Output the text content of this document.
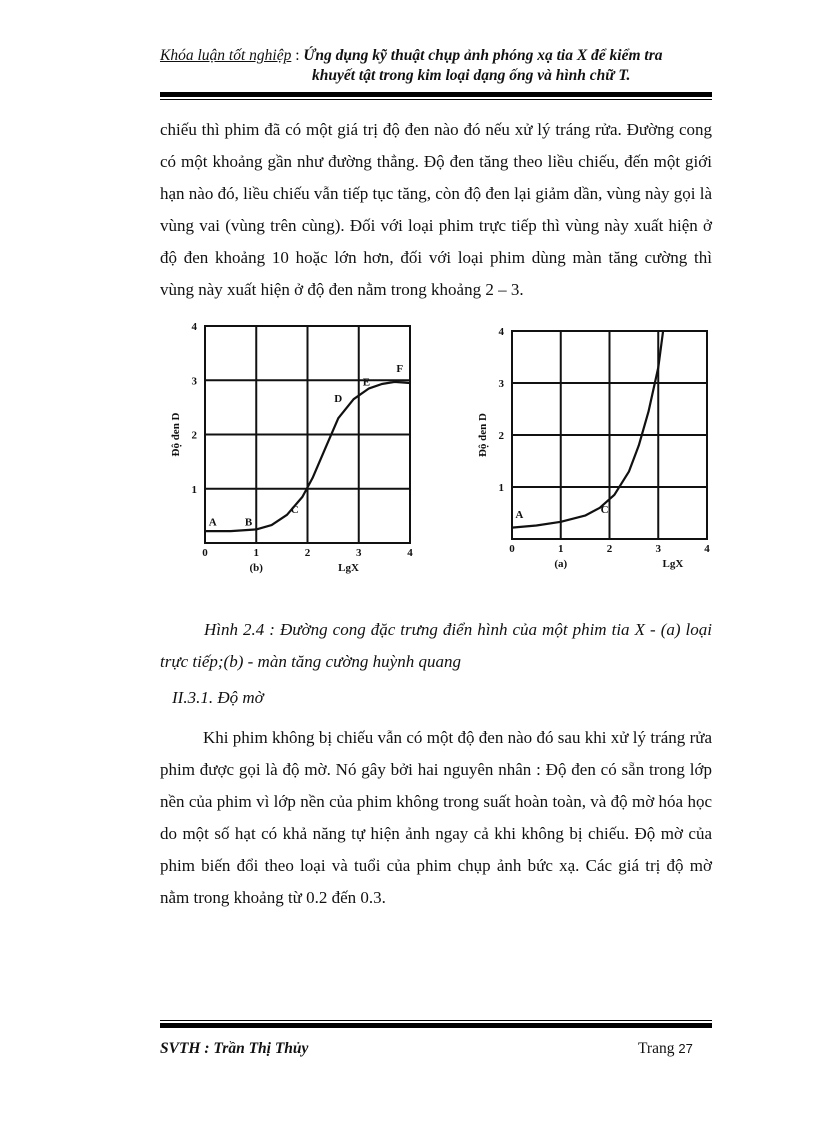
Khóa luận tốt nghiệp : Ứng dụng kỹ thuật chụp ảnh phóng xạ tia X để kiểm tra
khuyết tật trong kim loại dạng ống và hình chữ T.

chiếu thì phim đã có một giá trị độ đen nào đó nếu xử lý tráng rửa. Đường cong có một khoảng gần như đường thẳng. Độ đen tăng theo liều chiếu, đến một giới hạn nào đó, liều chiếu vẫn tiếp tục tăng, còn độ đen lại giảm dần, vùng này gọi là vùng vai (vùng trên cùng). Đối với loại phim trực tiếp thì vùng này xuất hiện ở độ đen khoảng 10 hoặc lớn hơn, đối với loại phim dùng màn tăng cường thì vùng này xuất hiện ở độ đen nằm trong khoảng 2 – 3.

0	1	2	3	4
1
2
3
4
A	B
C
D
E
F
(b)	LgX
Độ đen D
0	1	2	3	4
1
2
3
4
A	C
(a)	LgX
Độ đen D
Hình 2.4 : Đường cong đặc trưng điển hình của một phim tia X - (a) loại trực tiếp;(b) - màn tăng cường huỳnh quang
II.3.1. Độ mờ

Khi phim không bị chiếu vẫn có một độ đen nào đó sau khi xử lý tráng rửa phim được gọi là độ mờ. Nó gây bởi hai nguyên nhân : Độ đen có sẵn trong lớp nền của phim vì lớp nền của phim không trong suất hoàn toàn, và độ mờ hóa học do một số hạt có khả năng tự hiện ảnh ngay cả khi không bị chiếu. Độ mờ của phim biến đổi theo loại và tuổi của phim chụp ảnh bức xạ. Các giá trị độ mờ nằm trong khoảng từ 0.2 đến 0.3.

SVTH : Trần Thị Thủy	Trang 27
